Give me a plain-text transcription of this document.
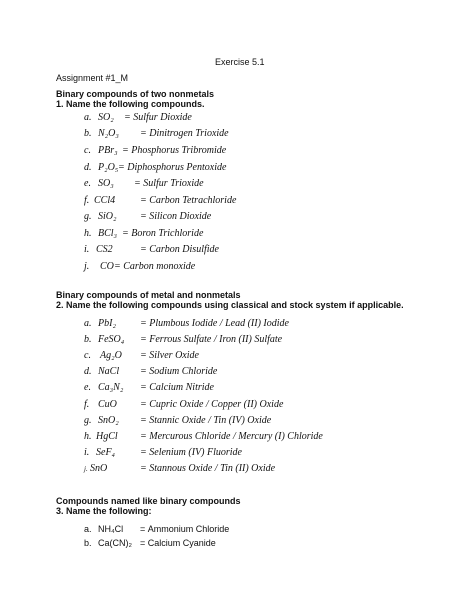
Exercise 5.1
Assignment #1_M
Binary compounds of two nonmetals
1. Name the following compounds.
a. SO₂ = Sulfur Dioxide
b. N₂O₃ = Dinitrogen Trioxide
c. PBr₃ = Phosphorus Tribromide
d. P₂O₅= Diphosphorus Pentoxide
e. SO₃ = Sulfur Trioxide
f. CCl4 = Carbon Tetrachloride
g. SiO₂ = Silicon Dioxide
h. BCl₃ = Boron Trichloride
i. CS2	= Carbon Disulfide
j. CO= Carbon monoxide
Binary compounds of metal and nonmetals
2. Name the following compounds using classical and stock system if applicable.
a. PbI₂ = Plumbous Iodide / Lead (II) Iodide
b. FeSO₄ = Ferrous Sulfate / Iron (II) Sulfate
c. Ag₂O = Silver Oxide
d. NaCl = Sodium Chloride
e. Ca₃N₂ = Calcium Nitride
f. CuO = Cupric Oxide / Copper (II) Oxide
g. SnO₂ = Stannic Oxide / Tin (IV) Oxide
h. HgCl = Mercurous Chloride / Mercury (I) Chloride
i. SeF₄ = Selenium (IV) Fluoride
j. SnO	= Stannous Oxide / Tin (II) Oxide
Compounds named like binary compounds
3. Name the following:
a. NH₄Cl = Ammonium Chloride
b. Ca(CN)₂ = Calcium Cyanide
